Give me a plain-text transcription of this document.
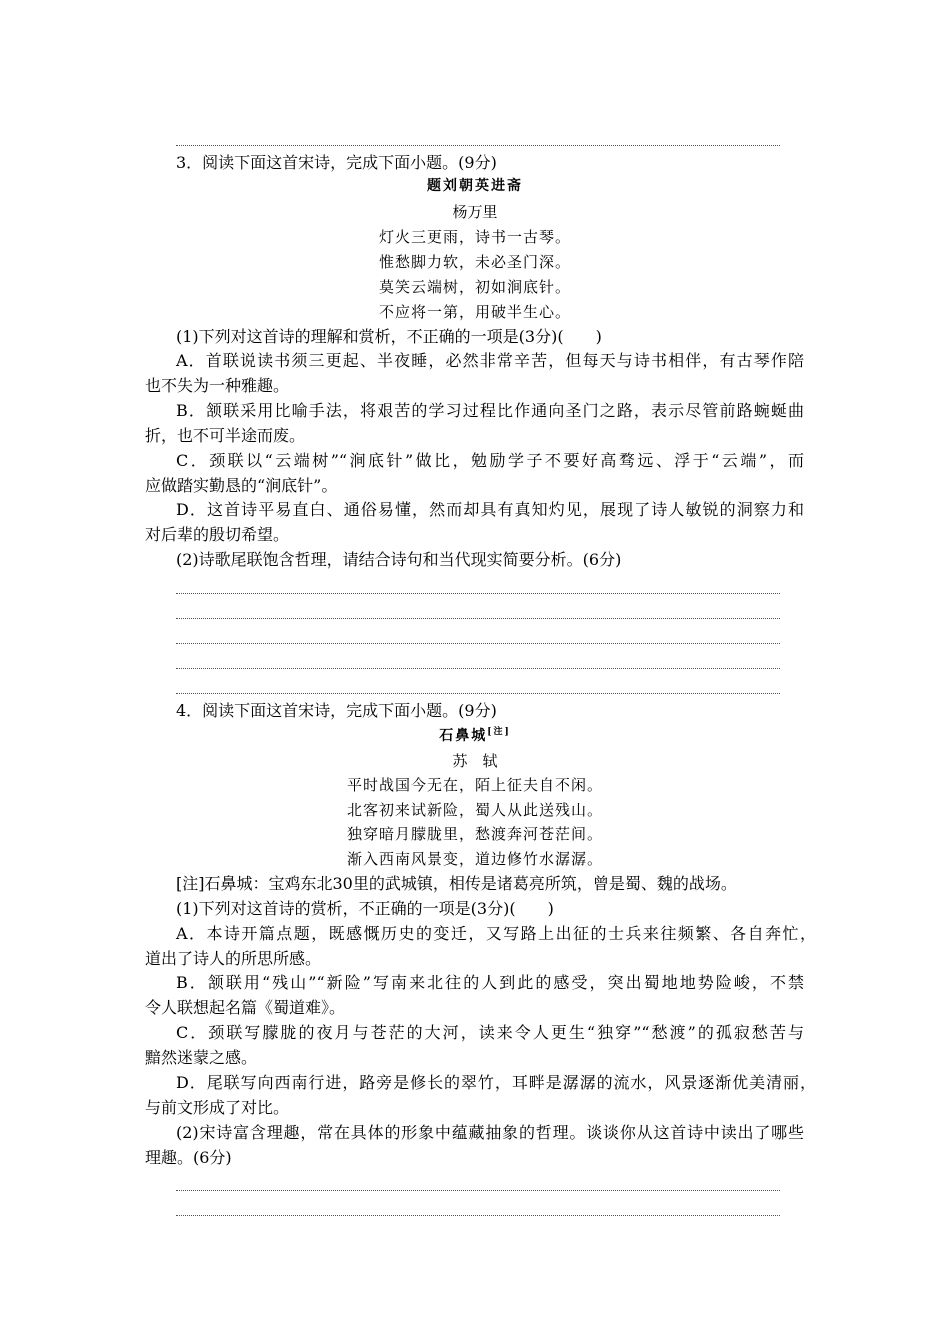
3．阅读下面这首宋诗，完成下面小题。(9分)
题刘朝英进斋
杨万里
灯火三更雨，诗书一古琴。
惟愁脚力软，未必圣门深。
莫笑云端树，初如涧底针。
不应将一第，用破半生心。
(1)下列对这首诗的理解和赏析，不正确的一项是(3分)(　　)
A．首联说读书须三更起、半夜睡，必然非常辛苦，但每天与诗书相伴，有古琴作陪
也不失为一种雅趣。
B．颔联采用比喻手法，将艰苦的学习过程比作通向圣门之路，表示尽管前路蜿蜒曲
折，也不可半途而废。
C．颈联以“云端树”“涧底针”做比，勉励学子不要好高骛远、浮于“云端”，而
应做踏实勤恳的“涧底针”。
D．这首诗平易直白、通俗易懂，然而却具有真知灼见，展现了诗人敏锐的洞察力和
对后辈的殷切希望。
(2)诗歌尾联饱含哲理，请结合诗句和当代现实简要分析。(6分)
4．阅读下面这首宋诗，完成下面小题。(9分)
石鼻城[注]
苏　轼
平时战国今无在，陌上征夫自不闲。
北客初来试新险，蜀人从此送残山。
独穿暗月朦胧里，愁渡奔河苍茫间。
渐入西南风景变，道边修竹水潺潺。
[注]石鼻城：宝鸡东北30里的武城镇，相传是诸葛亮所筑，曾是蜀、魏的战场。
(1)下列对这首诗的赏析，不正确的一项是(3分)(　　)
A．本诗开篇点题，既感慨历史的变迁，又写路上出征的士兵来往频繁、各自奔忙，
道出了诗人的所思所感。
B．颔联用“残山”“新险”写南来北往的人到此的感受，突出蜀地地势险峻，不禁
令人联想起名篇《蜀道难》。
C．颈联写朦胧的夜月与苍茫的大河，读来令人更生“独穿”“愁渡”的孤寂愁苦与
黯然迷蒙之感。
D．尾联写向西南行进，路旁是修长的翠竹，耳畔是潺潺的流水，风景逐渐优美清丽，
与前文形成了对比。
(2)宋诗富含理趣，常在具体的形象中蕴藏抽象的哲理。谈谈你从这首诗中读出了哪些
理趣。(6分)
